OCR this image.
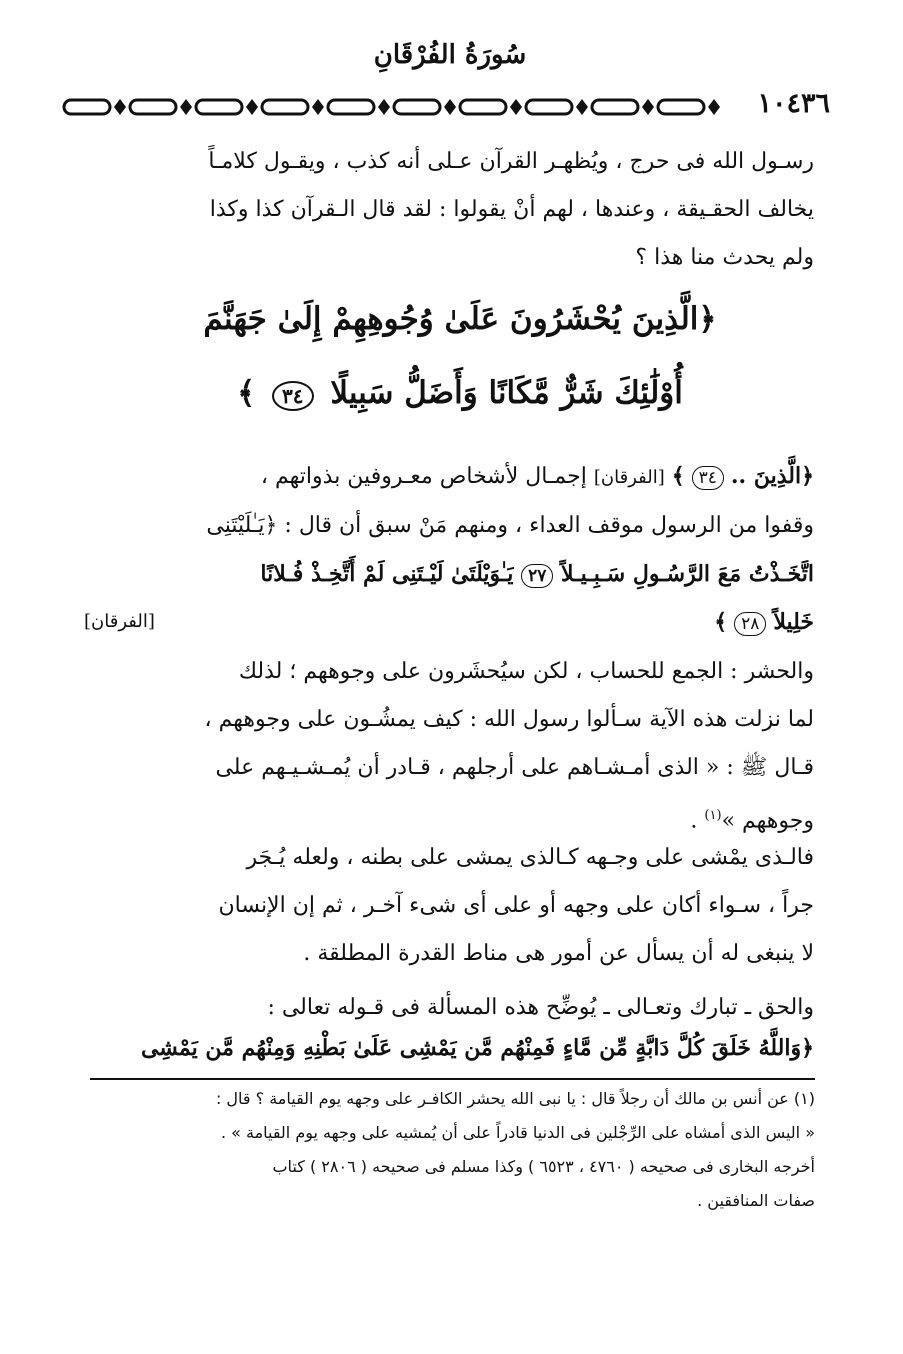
سُورَةُ الفُرْقَانِ
١٠٤٣٦

رسـول الله فى حرج ، ويُظهـر القرآن عـلى أنه كذب ، ويقـول كلامـاً

يخالف الحقـيقة ، وعندها ، لهم أنْ يقولوا : لقد قال الـقرآن كذا وكذا

ولم يحدث منا هذا ؟

﴿الَّذِينَ يُحْشَرُونَ عَلَىٰ وُجُوهِهِمْ إِلَىٰ جَهَنَّمَ
أُوْلَٰئِكَ شَرٌّ مَّكَانًا وَأَضَلُّ سَبِيلًا ٣٤ ﴾

﴿الَّذِينَ .. ٣٤ ﴾ [الفرقان] إجمـال لأشخاص معـروفين بذواتهم ،

وقفوا من الرسول موقف العداء ، ومنهم مَنْ سبق أن قال : ﴿يَـٰلَيْتَنِى

اتَّخَـذْتُ مَعَ الرَّسُـولِ سَـبِـيـلاً ٢٧ يَـٰوَيْلَتَىٰ لَيْـتَنِى لَمْ أَتَّخِـذْ فُـلانًا

خَلِيلاً ٢٨ ﴾
[الفرقان]

والحشر : الجمع للحساب ، لكن سيُحشَرون على وجوههم ؛ لذلك

لما نزلت هذه الآية سـألوا رسول الله : كيف يمشُـون على وجوههم ،

قـال ﷺ : « الذى أمـشـاهم على أرجلهم ، قـادر أن يُمـشـيـهم على

وجوههم »$^{(١)}$ .

فالـذى يمْشى على وجـهه كـالذى يمشى على بطنه ، ولعله يُـجَر

جراً ، سـواء أكان على وجهه أو على أى شىء آخـر ، ثم إن الإنسان

لا ينبغى له أن يسأل عن أمور هى مناط القدرة المطلقة .

والحق ـ تبارك وتعـالى ـ يُوضِّح هذه المسألة فى قـوله تعالى :

﴿وَاللَّهُ خَلَقَ كُلَّ دَابَّةٍ مِّن مَّاءٍ فَمِنْهُم مَّن يَمْشِى عَلَىٰ بَطْنِهِ وَمِنْهُم مَّن يَمْشِى

(١) عن أنس بن مالك أن رجلاً قال : يا نبى الله يحشر الكافـر على وجهه يوم القيامة ؟ قال :

« اليس الذى أمشاه على الرِّجْلين فى الدنيا قادراً على أن يُمشيه على وجهه يوم القيامة » .

أخرجه البخارى فى صحيحه ( ٤٧٦٠ ، ٦٥٢٣ ) وكذا مسلم فى صحيحه ( ٢٨٠٦ ) كتاب

صفات المنافقين .
